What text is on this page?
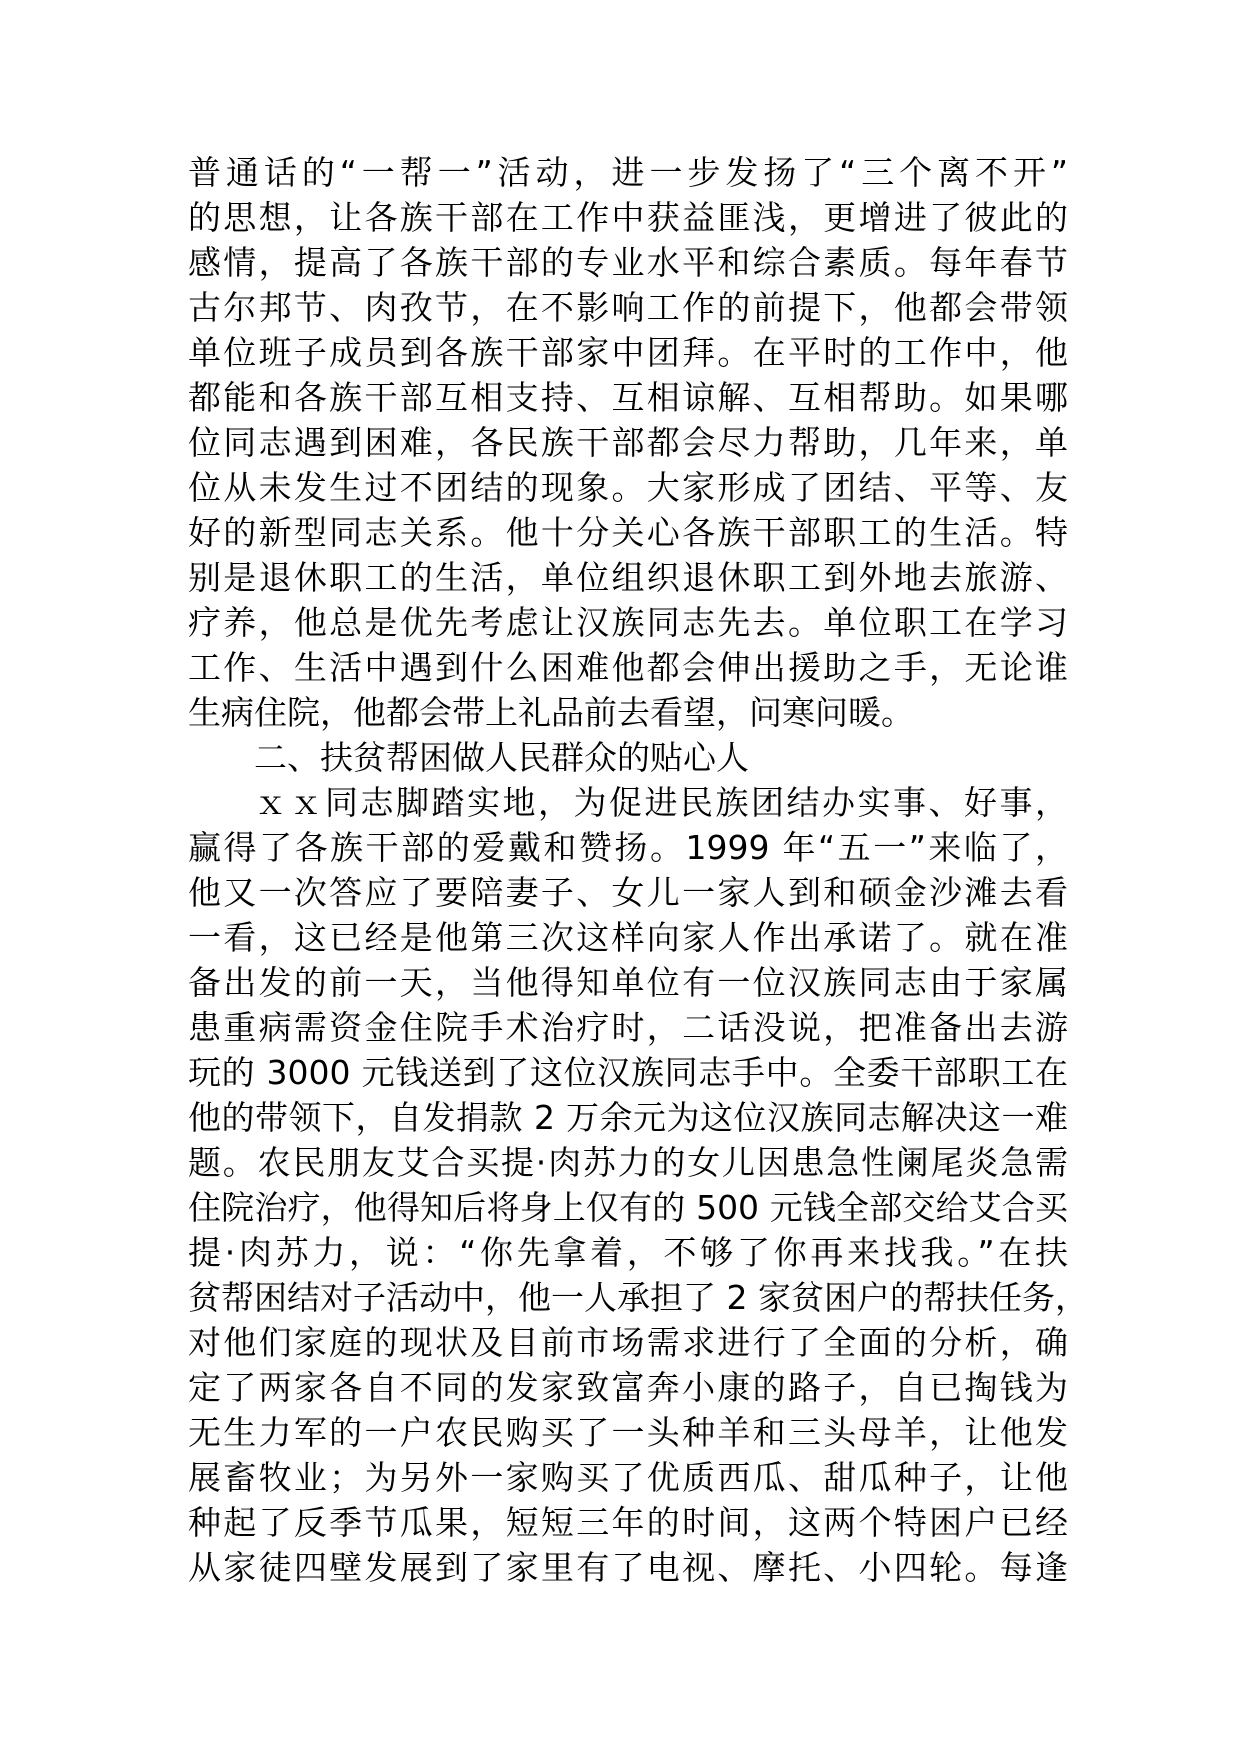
普通话的“一帮一”活动，进一步发扬了“三个离不开”
的思想，让各族干部在工作中获益匪浅，更增进了彼此的
感情，提高了各族干部的专业水平和综合素质。每年春节
古尔邦节、肉孜节，在不影响工作的前提下，他都会带领
单位班子成员到各族干部家中团拜。在平时的工作中，他
都能和各族干部互相支持、互相谅解、互相帮助。如果哪
位同志遇到困难，各民族干部都会尽力帮助，几年来，单
位从未发生过不团结的现象。大家形成了团结、平等、友
好的新型同志关系。他十分关心各族干部职工的生活。特
别是退休职工的生活，单位组织退休职工到外地去旅游、
疗养，他总是优先考虑让汉族同志先去。单位职工在学习
工作、生活中遇到什么困难他都会伸出援助之手，无论谁
生病住院，他都会带上礼品前去看望，问寒问暖。
二、扶贫帮困做人民群众的贴心人
ｘｘ同志脚踏实地，为促进民族团结办实事、好事，
赢得了各族干部的爱戴和赞扬。1999 年“五一”来临了，
他又一次答应了要陪妻子、女儿一家人到和硕金沙滩去看
一看，这已经是他第三次这样向家人作出承诺了。就在准
备出发的前一天，当他得知单位有一位汉族同志由于家属
患重病需资金住院手术治疗时，二话没说，把准备出去游
玩的 3000 元钱送到了这位汉族同志手中。全委干部职工在
他的带领下，自发捐款 2 万余元为这位汉族同志解决这一难
题。农民朋友艾合买提·肉苏力的女儿因患急性阑尾炎急需
住院治疗，他得知后将身上仅有的 500 元钱全部交给艾合买
提·肉苏力，说：“你先拿着，不够了你再来找我。”在扶
贫帮困结对子活动中，他一人承担了 2 家贫困户的帮扶任务，
对他们家庭的现状及目前市场需求进行了全面的分析，确
定了两家各自不同的发家致富奔小康的路子，自已掏钱为
无生力军的一户农民购买了一头种羊和三头母羊，让他发
展畜牧业；为另外一家购买了优质西瓜、甜瓜种子，让他
种起了反季节瓜果，短短三年的时间，这两个特困户已经
从家徒四壁发展到了家里有了电视、摩托、小四轮。每逢
